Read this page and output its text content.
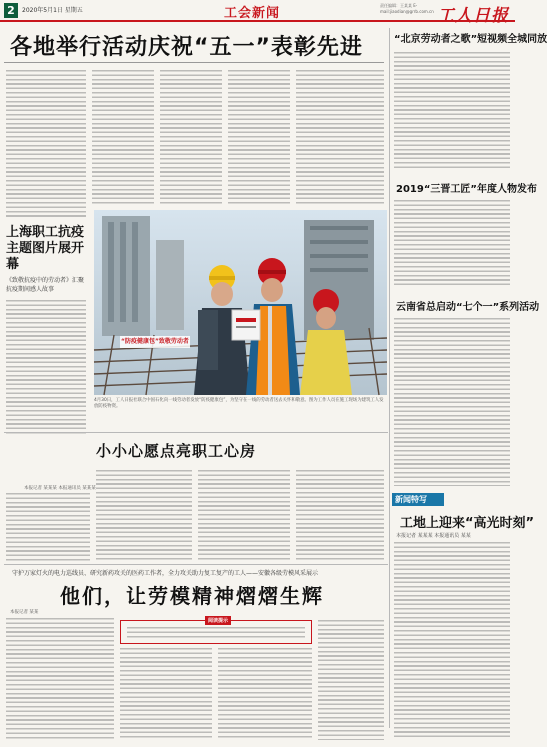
2	2020年5月1日 星期五	工会新闻
责任编辑：王某某 E-mail:jiaodian@grrb.com.cn 工人日报
各地举行活动庆祝“五一”表彰先进
上海职工抗疫主题图片展开幕
《致敬抗疫中的劳动者》汇聚抗疫期间感人故事
“防疫健康包”致敬劳动者
4月30日，工人日报社联合中国石化向一线劳动者发放“防疫健康包”，为坚守在一线的劳动者送去关怀和敬意。图为工作人员在施工现场为建筑工人发放防疫物资。
小小心愿点亮职工心房
本报记者 某某某 本报通讯员 某某某
守护万家灯火的电力巡线员、研究新药攻关的医药工作者，全力攻关助力复工复产的工人——安徽各级劳模风采展示
他们，让劳模精神熠熠生辉
本报记者 某某
阅读提示
“北京劳动者之歌”短视频全城同放
2019“三晋工匠”年度人物发布
云南省总启动“七个一”系列活动
新闻特写
工地上迎来“高光时刻”
本报记者 某某某 本报通讯员 某某
